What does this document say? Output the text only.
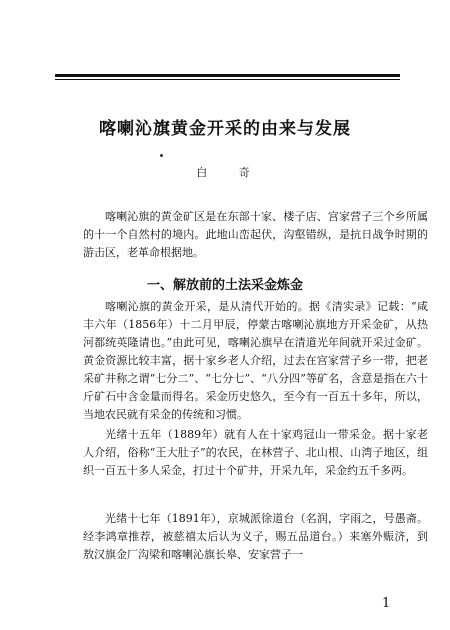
喀喇沁旗黄金开采的由来与发展
白 奇

喀喇沁旗的黄金矿区是在东部十家、楼子店、宫家营子三个乡所属的十一个自然村的境内。此地山峦起伏，沟壑错纵，是抗日战争时期的游击区，老革命根据地。

一、解放前的土法采金炼金

喀喇沁旗的黄金开采，是从清代开始的。据《清实录》记载：“咸丰六年（1856年）十二月甲辰，停蒙古喀喇沁旗地方开采金矿，从热河都统英隆请也。”由此可见，喀喇沁旗早在清道光年间就开采过金矿。黄金资源比较丰富，据十家乡老人介绍，过去在宫家营子乡一带，把老采矿井称之谓“七分二”、“七分七”、“八分四”等矿名，含意是指在六十斤矿石中含金量而得名。采金历史悠久，至今有一百五十多年，所以，当地农民就有采金的传统和习惯。

光绪十五年（1889年）就有人在十家鸡冠山一带采金。据十家老人介绍，俗称“王大肚子”的农民，在林营子、北山根、山湾子地区，组织一百五十多人采金，打过十个矿井，开采九年，采金约五千多两。

光绪十七年（1891年），京城派徐道台（名润，字雨之，号愚斋。经李鸿章推荐，被慈禧太后认为义子，赐五品道台。）来塞外赈济，到敖汉旗金厂沟梁和喀喇沁旗长皋、安家营子一

1
